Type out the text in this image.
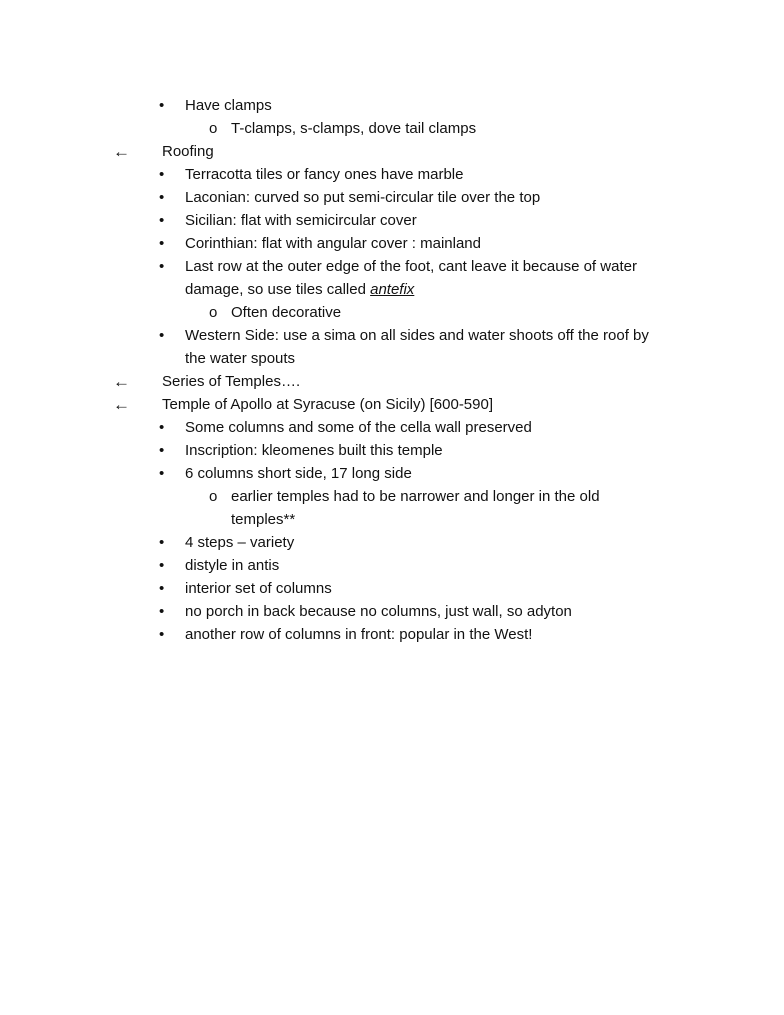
• Have clamps
o T-clamps, s-clamps, dove tail clamps
← Roofing
• Terracotta tiles or fancy ones have marble
• Laconian: curved so put semi-circular tile over the top
• Sicilian: flat with semicircular cover
• Corinthian: flat with angular cover : mainland
• Last row at the outer edge of the foot, cant leave it because of water
damage, so use tiles called antefix
o Often decorative
• Western Side: use a sima on all sides and water shoots off the roof by
the water spouts
← Series of Temples….
← Temple of Apollo at Syracuse (on Sicily) [600-590]
• Some columns and some of the cella wall preserved
• Inscription: kleomenes built this temple
• 6 columns short side, 17 long side
o earlier temples had to be narrower and longer in the old
temples**
• 4 steps – variety
• distyle in antis
• interior set of columns
• no porch in back because no columns, just wall, so adyton
• another row of columns in front: popular in the West!
